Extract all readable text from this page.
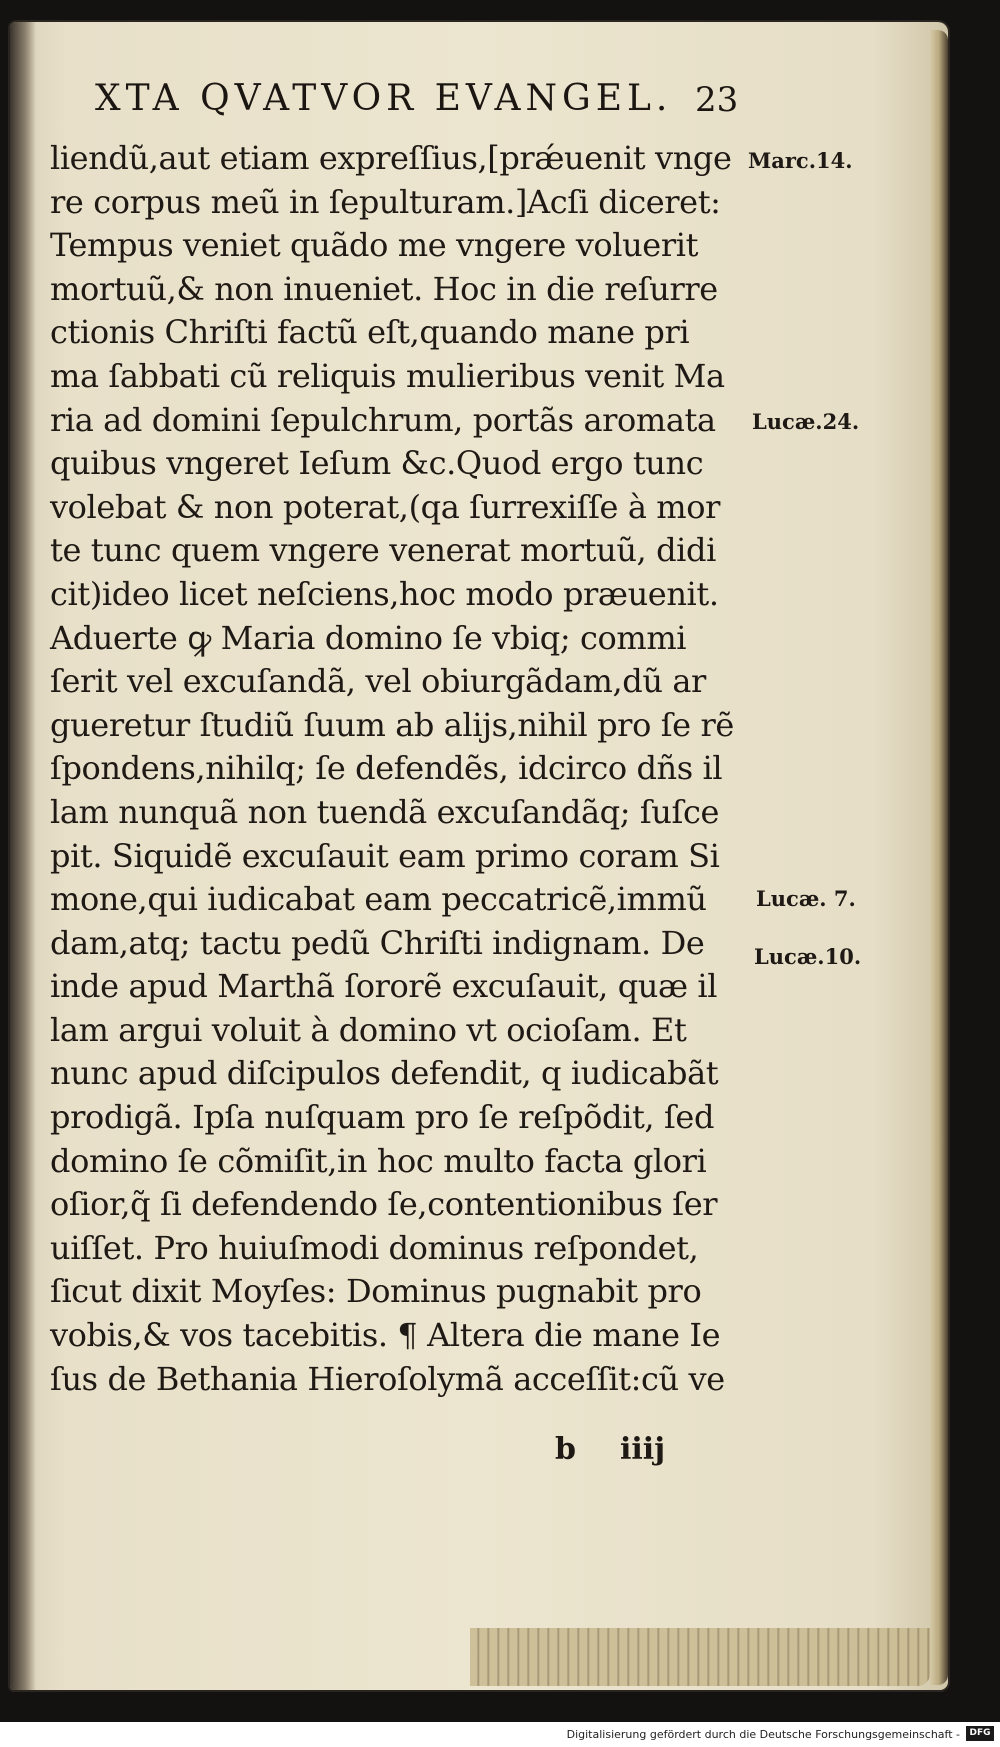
XTA QVATVOR EVANGEL. 23
liendũ,aut etiam expreſſius,[prǽuenit vnge
re corpus meũ in ſepulturam.]Acſi diceret:
Tempus veniet quãdo me vngere voluerit
mortuũ,& non inueniet. Hoc in die reſurre
ctionis Chriſti factũ eſt,quando mane pri
ma ſabbati cũ reliquis mulieribus venit Ma
ria ad domini ſepulchrum, portãs aromata
quibus vngeret Ieſum &c.Quod ergo tunc
volebat & non poterat,(qa ſurrexiſſe à mor
te tunc quem vngere venerat mortuũ, didi
cit)ideo licet neſciens,hoc modo præuenit.
Aduerte ꝙ Maria domino ſe vbiq; commi
ſerit vel excuſandã, vel obiurgãdam,dũ ar
gueretur ſtudiũ ſuum ab alijs,nihil pro ſe rẽ
ſpondens,nihilq; ſe defendẽs, idcirco dñs il
lam nunquã non tuendã excuſandãq; ſuſce
pit. Siquidẽ excuſauit eam primo coram Si
mone,qui iudicabat eam peccatricẽ,immũ
dam,atq; tactu pedũ Chriſti indignam. De
inde apud Marthã ſororẽ excuſauit, quæ il
lam argui voluit à domino vt ocioſam. Et
nunc apud diſcipulos defendit, q iudicabãt
prodigã. Ipſa nuſquam pro ſe reſpõdit, ſed
domino ſe cõmiſit,in hoc multo facta glori
oſior,q̃ ſi defendendo ſe,contentionibus ſer
uiſſet. Pro huiuſmodi dominus reſpondet,
ſicut dixit Moyſes: Dominus pugnabit pro
vobis,& vos tacebitis. ¶ Altera die mane Ie
ſus de Bethania Hieroſolymã acceſſit:cũ ve
Marc.14.
Lucæ.24.
Lucæ. 7.
Lucæ.10.
b iiij
Digitalisierung gefördert durch die Deutsche Forschungsgemeinschaft -	DFG
